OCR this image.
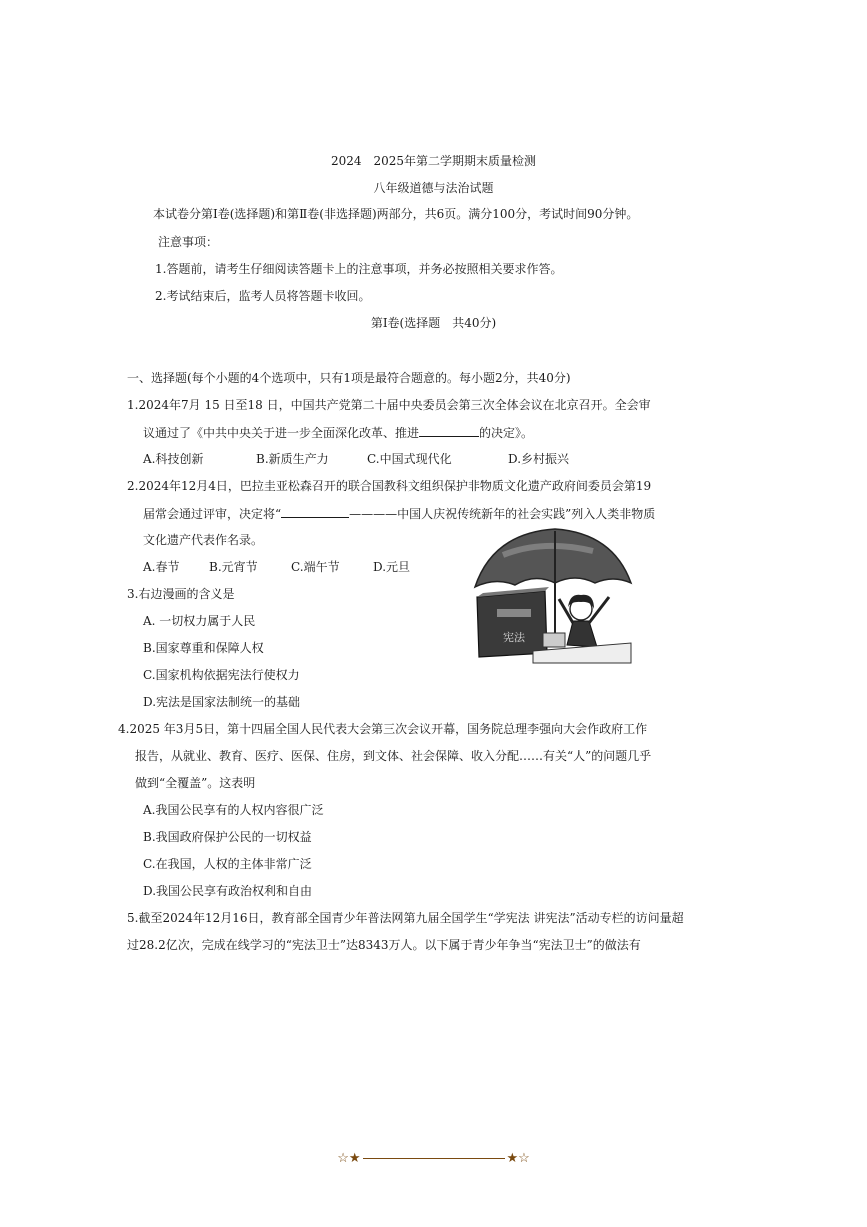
2024　2025年第二学期期末质量检测
八年级道德与法治试题
本试卷分第Ⅰ卷(选择题)和第Ⅱ卷(非选择题)两部分，共6页。满分100分，考试时间90分钟。
注意事项：
1.答题前，请考生仔细阅读答题卡上的注意事项，并务必按照相关要求作答。
2.考试结束后，监考人员将答题卡收回。
第Ⅰ卷(选择题　共40分)
一、选择题(每个小题的4个选项中，只有1项是最符合题意的。每小题2分，共40分)
1.2024年7月 15 日至18 日，中国共产党第二十届中央委员会第三次全体会议在北京召开。全会审
议通过了《中共中央关于进一步全面深化改革、推进	的决定》。
A.科技创新	B.新质生产力	C.中国式现代化	D.乡村振兴
2.2024年12月4日，巴拉圭亚松森召开的联合国教科文组织保护非物质文化遗产政府间委员会第19
届常会通过评审，决定将“	————中国人庆祝传统新年的社会实践”列入人类非物质
文化遗产代表作名录。
A.春节 B.元宵节	C.端午节	D.元旦
3.右边漫画的含义是
A. 一切权力属于人民
B.国家尊重和保障人权
C.国家机构依据宪法行使权力
D.宪法是国家法制统一的基础
宪法
4.2025 年3月5日，第十四届全国人民代表大会第三次会议开幕，国务院总理李强向大会作政府工作
报告，从就业、教育、医疗、医保、住房，到文体、社会保障、收入分配……有关“人”的问题几乎
做到“全覆盖”。这表明
A.我国公民享有的人权内容很广泛
B.我国政府保护公民的一切权益
C.在我国，人权的主体非常广泛
D.我国公民享有政治权利和自由
5.截至2024年12月16日，教育部全国青少年普法网第九届全国学生“学宪法 讲宪法”活动专栏的访问量超
过28.2亿次，完成在线学习的“宪法卫士”达8343万人。以下属于青少年争当“宪法卫士”的做法有
☆★	★☆
